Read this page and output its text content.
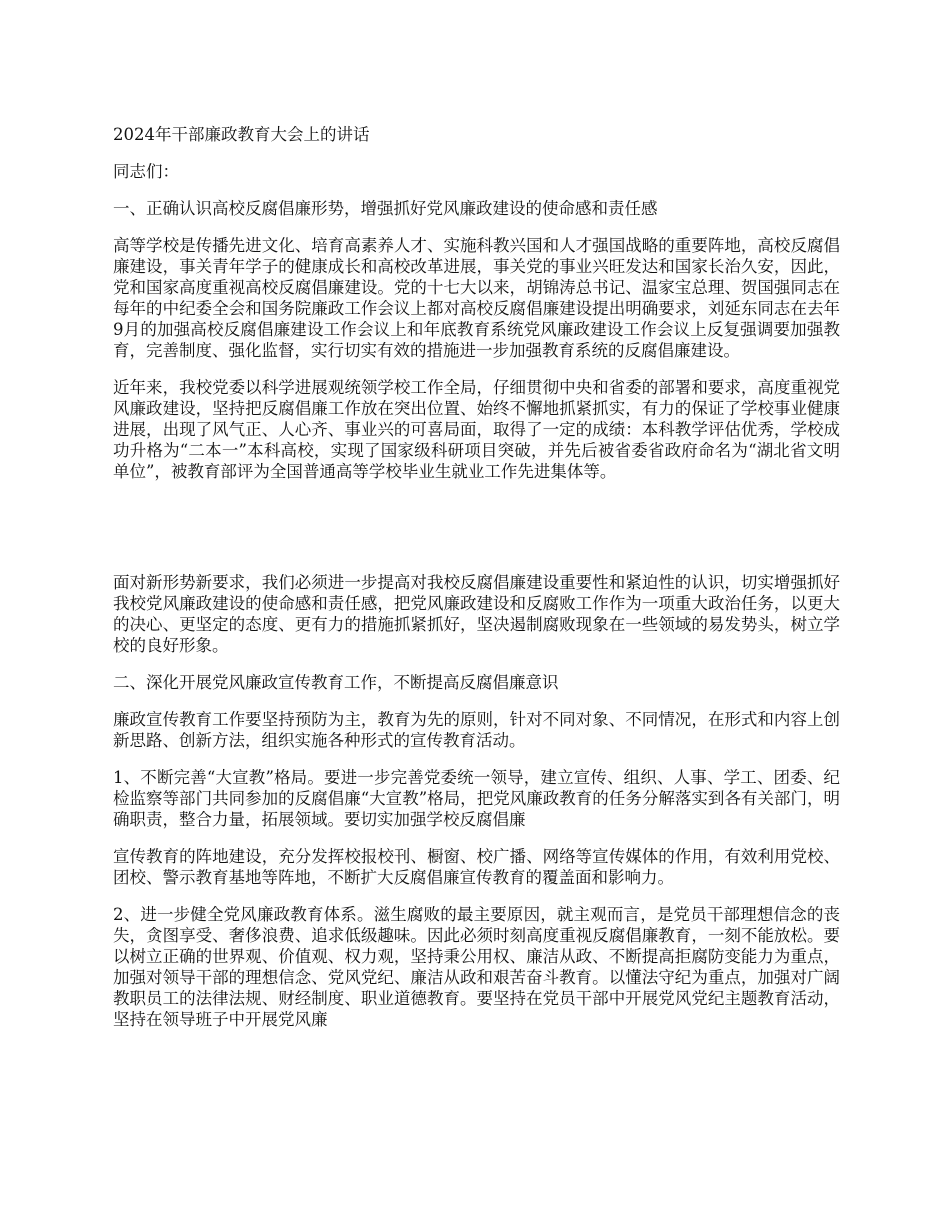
2024年干部廉政教育大会上的讲话

同志们：

一、正确认识高校反腐倡廉形势，增强抓好党风廉政建设的使命感和责任感

高等学校是传播先进文化、培育高素养人才、实施科教兴国和人才强国战略的重要阵地，高校反腐倡廉建设，事关青年学子的健康成长和高校改革进展，事关党的事业兴旺发达和国家长治久安，因此，党和国家高度重视高校反腐倡廉建设。党的十七大以来，胡锦涛总书记、温家宝总理、贺国强同志在每年的中纪委全会和国务院廉政工作会议上都对高校反腐倡廉建设提出明确要求，刘延东同志在去年9月的加强高校反腐倡廉建设工作会议上和年底教育系统党风廉政建设工作会议上反复强调要加强教育，完善制度、强化监督，实行切实有效的措施进一步加强教育系统的反腐倡廉建设。

近年来，我校党委以科学进展观统领学校工作全局，仔细贯彻中央和省委的部署和要求，高度重视党风廉政建设，坚持把反腐倡廉工作放在突出位置、始终不懈地抓紧抓实，有力的保证了学校事业健康进展，出现了风气正、人心齐、事业兴的可喜局面，取得了一定的成绩：本科教学评估优秀，学校成功升格为“二本一”本科高校，实现了国家级科研项目突破，并先后被省委省政府命名为“湖北省文明单位”，被教育部评为全国普通高等学校毕业生就业工作先进集体等。

面对新形势新要求，我们必须进一步提高对我校反腐倡廉建设重要性和紧迫性的认识，切实增强抓好我校党风廉政建设的使命感和责任感，把党风廉政建设和反腐败工作作为一项重大政治任务，以更大的决心、更坚定的态度、更有力的措施抓紧抓好，坚决遏制腐败现象在一些领域的易发势头，树立学校的良好形象。

二、深化开展党风廉政宣传教育工作，不断提高反腐倡廉意识

廉政宣传教育工作要坚持预防为主，教育为先的原则，针对不同对象、不同情况，在形式和内容上创新思路、创新方法，组织实施各种形式的宣传教育活动。

1、不断完善“大宣教”格局。要进一步完善党委统一领导，建立宣传、组织、人事、学工、团委、纪检监察等部门共同参加的反腐倡廉“大宣教”格局，把党风廉政教育的任务分解落实到各有关部门，明确职责，整合力量，拓展领域。要切实加强学校反腐倡廉

宣传教育的阵地建设，充分发挥校报校刊、橱窗、校广播、网络等宣传媒体的作用，有效利用党校、团校、警示教育基地等阵地，不断扩大反腐倡廉宣传教育的覆盖面和影响力。

2、进一步健全党风廉政教育体系。滋生腐败的最主要原因，就主观而言，是党员干部理想信念的丧失，贪图享受、奢侈浪费、追求低级趣味。因此必须时刻高度重视反腐倡廉教育，一刻不能放松。要以树立正确的世界观、价值观、权力观，坚持秉公用权、廉洁从政、不断提高拒腐防变能力为重点，加强对领导干部的理想信念、党风党纪、廉洁从政和艰苦奋斗教育。以懂法守纪为重点，加强对广阔教职员工的法律法规、财经制度、职业道德教育。要坚持在党员干部中开展党风党纪主题教育活动，坚持在领导班子中开展党风廉
